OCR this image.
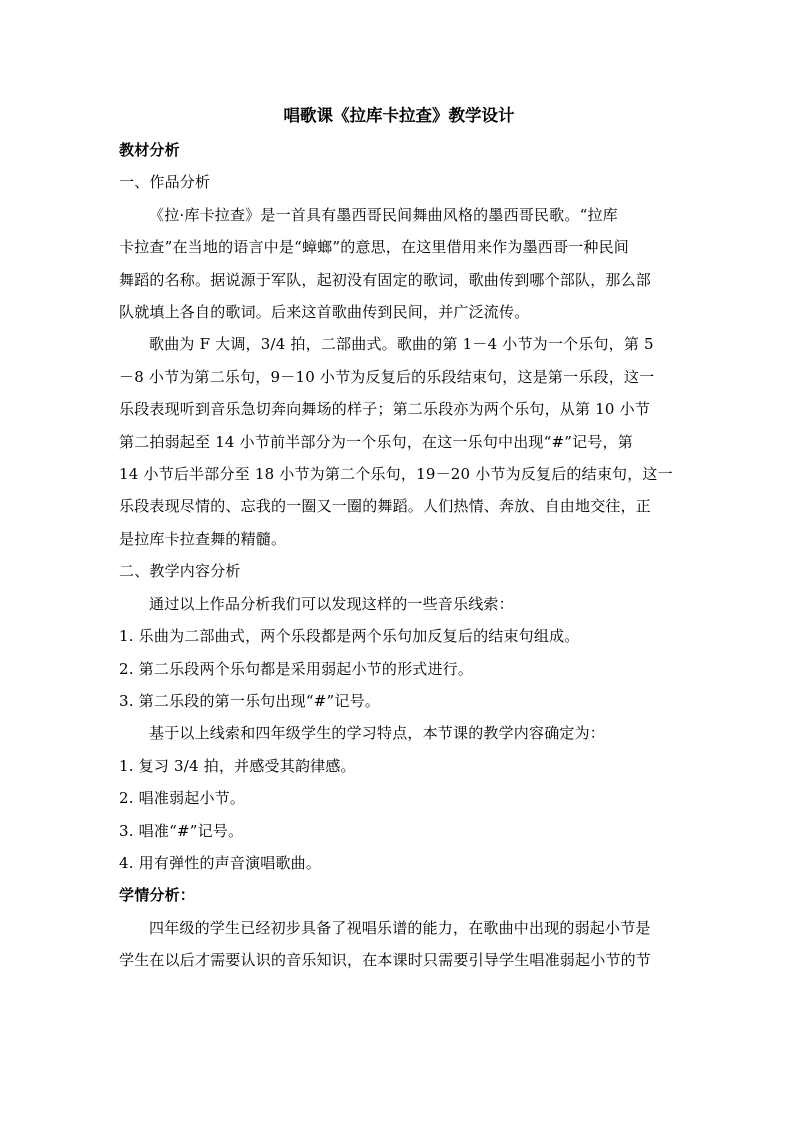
唱歌课《拉库卡拉查》教学设计

教材分析

一、作品分析

《拉·库卡拉查》是一首具有墨西哥民间舞曲风格的墨西哥民歌。“拉库
卡拉查”在当地的语言中是“蟑螂”的意思，在这里借用来作为墨西哥一种民间
舞蹈的名称。据说源于军队，起初没有固定的歌词，歌曲传到哪个部队，那么部
队就填上各自的歌词。后来这首歌曲传到民间，并广泛流传。
歌曲为 F 大调，3/4 拍，二部曲式。歌曲的第 1－4 小节为一个乐句，第 5
－8 小节为第二乐句，9－10 小节为反复后的乐段结束句，这是第一乐段，这一
乐段表现听到音乐急切奔向舞场的样子；第二乐段亦为两个乐句，从第 10 小节
第二拍弱起至 14 小节前半部分为一个乐句，在这一乐句中出现“#”记号，第
14 小节后半部分至 18 小节为第二个乐句，19－20 小节为反复后的结束句，这一
乐段表现尽情的、忘我的一圈又一圈的舞蹈。人们热情、奔放、自由地交往，正
是拉库卡拉查舞的精髓。

二、教学内容分析

通过以上作品分析我们可以发现这样的一些音乐线索：

1. 乐曲为二部曲式，两个乐段都是两个乐句加反复后的结束句组成。

2. 第二乐段两个乐句都是采用弱起小节的形式进行。

3. 第二乐段的第一乐句出现“#”记号。

基于以上线索和四年级学生的学习特点，本节课的教学内容确定为：

1. 复习 3/4 拍，并感受其韵律感。

2. 唱准弱起小节。

3. 唱准“#”记号。

4. 用有弹性的声音演唱歌曲。

学情分析：

四年级的学生已经初步具备了视唱乐谱的能力，在歌曲中出现的弱起小节是
学生在以后才需要认识的音乐知识，在本课时只需要引导学生唱准弱起小节的节
